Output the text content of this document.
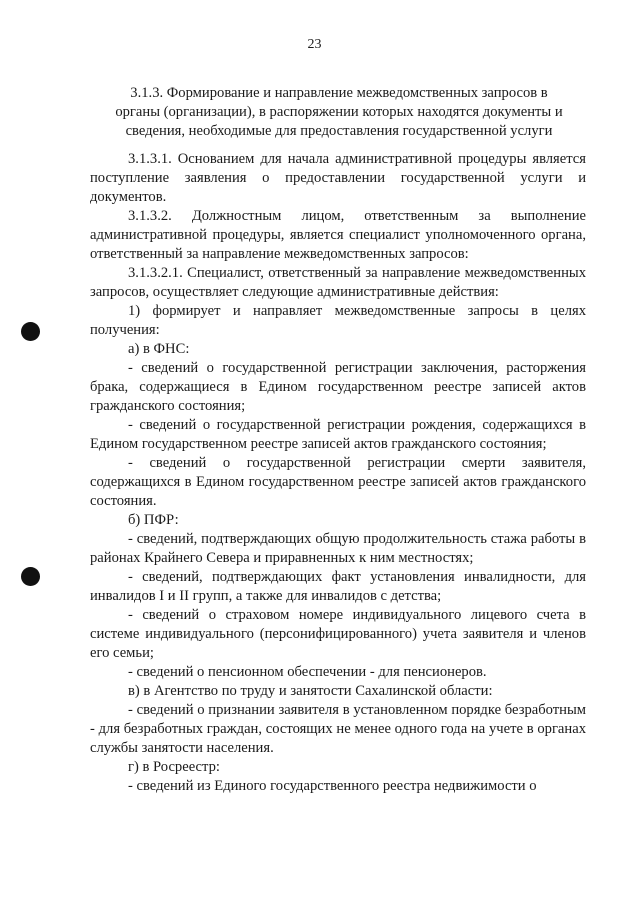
23
3.1.3. Формирование и направление межведомственных запросов в органы (организации), в распоряжении которых находятся документы и сведения, необходимые для предоставления государственной услуги

3.1.3.1. Основанием для начала административной процедуры является поступление заявления о предоставлении государственной услуги и документов.

3.1.3.2. Должностным лицом, ответственным за выполнение административной процедуры, является специалист уполномоченного органа, ответственный за направление межведомственных запросов:

3.1.3.2.1. Специалист, ответственный за направление межведомственных запросов, осуществляет следующие административные действия:

1) формирует и направляет межведомственные запросы в целях получения:

а) в ФНС:

- сведений о государственной регистрации заключения, расторжения брака, содержащиеся в Едином государственном реестре записей актов гражданского состояния;

- сведений о государственной регистрации рождения, содержащихся в Едином государственном реестре записей актов гражданского состояния;

- сведений о государственной регистрации смерти заявителя, содержащихся в Едином государственном реестре записей актов гражданского состояния.

б) ПФР:

- сведений, подтверждающих общую продолжительность стажа работы в районах Крайнего Севера и приравненных к ним местностях;

- сведений, подтверждающих факт установления инвалидности, для инвалидов I и II групп, а также для инвалидов с детства;

- сведений о страховом номере индивидуального лицевого счета в системе индивидуального (персонифицированного) учета заявителя и членов его семьи;

- сведений о пенсионном обеспечении - для пенсионеров.

в) в Агентство по труду и занятости Сахалинской области:

- сведений о признании заявителя в установленном порядке безработным - для безработных граждан, состоящих не менее одного года на учете в органах службы занятости населения.

г) в Росреестр:

- сведений из Единого государственного реестра недвижимости о
